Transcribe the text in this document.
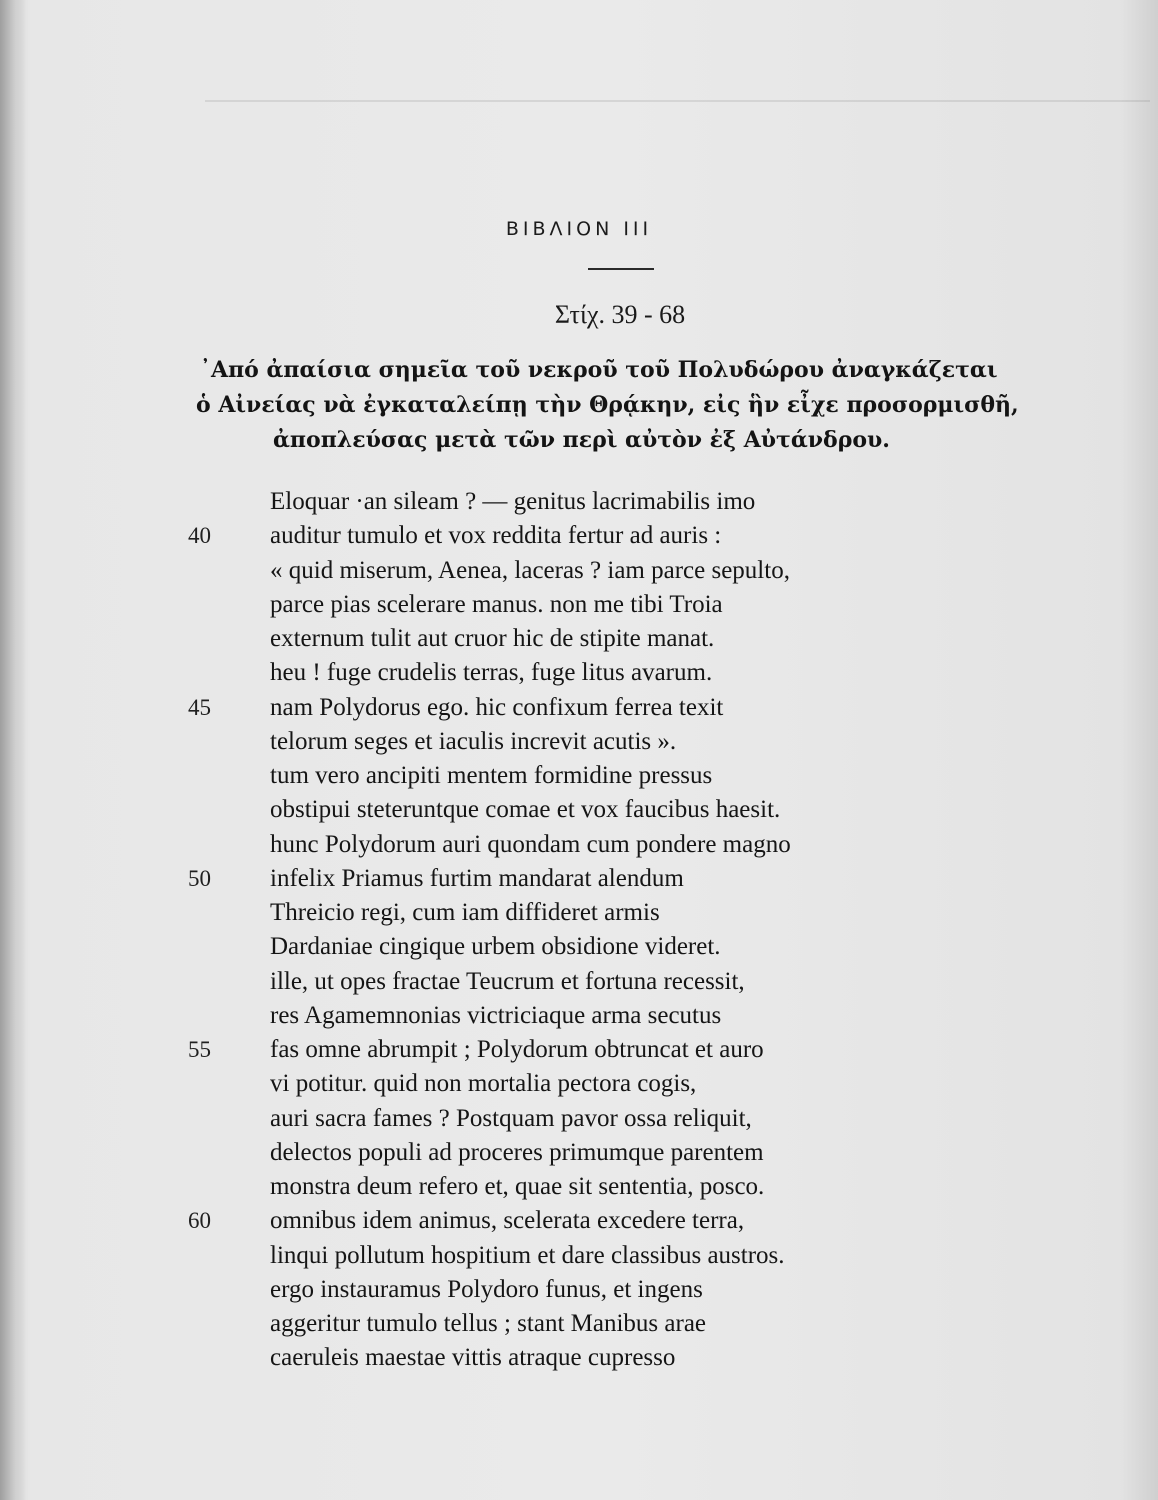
ΒΙΒΛΙΟΝ ΙΙΙ
Στίχ. 39 - 68
᾿Από ἀπαίσια σημεῖα τοῦ νεκροῦ τοῦ Πολυδώρου ἀναγκάζεται
ὁ Αἰνείας νὰ ἐγκαταλείπῃ τὴν Θρᾴκην, εἰς ἣν εἶχε προσορμισθῆ,
ἀποπλεύσας μετὰ τῶν περὶ αὐτὸν ἐξ Αὐτάνδρου.
Eloquar ·an sileam ? — genitus lacrimabilis imo
40 auditur tumulo et vox reddita fertur ad auris :
« quid miserum, Aenea, laceras ? iam parce sepulto,
parce pias scelerare manus. non me tibi Troia
externum tulit aut cruor hic de stipite manat.
heu ! fuge crudelis terras, fuge litus avarum.
45 nam Polydorus ego. hic confixum ferrea texit
telorum seges et iaculis increvit acutis ».
tum vero ancipiti mentem formidine pressus
obstipui steteruntque comae et vox faucibus haesit.
hunc Polydorum auri quondam cum pondere magno
50 infelix Priamus furtim mandarat alendum
Threicio regi, cum iam diffideret armis
Dardaniae cingique urbem obsidione videret.
ille, ut opes fractae Teucrum et fortuna recessit,
res Agamemnonias victriciaque arma secutus
55 fas omne abrumpit ; Polydorum obtruncat et auro
vi potitur. quid non mortalia pectora cogis,
auri sacra fames ? Postquam pavor ossa reliquit,
delectos populi ad proceres primumque parentem
monstra deum refero et, quae sit sententia, posco.
60 omnibus idem animus, scelerata excedere terra,
linqui pollutum hospitium et dare classibus austros.
ergo instauramus Polydoro funus, et ingens
aggeritur tumulo tellus ; stant Manibus arae
caeruleis maestae vittis atraque cupresso
